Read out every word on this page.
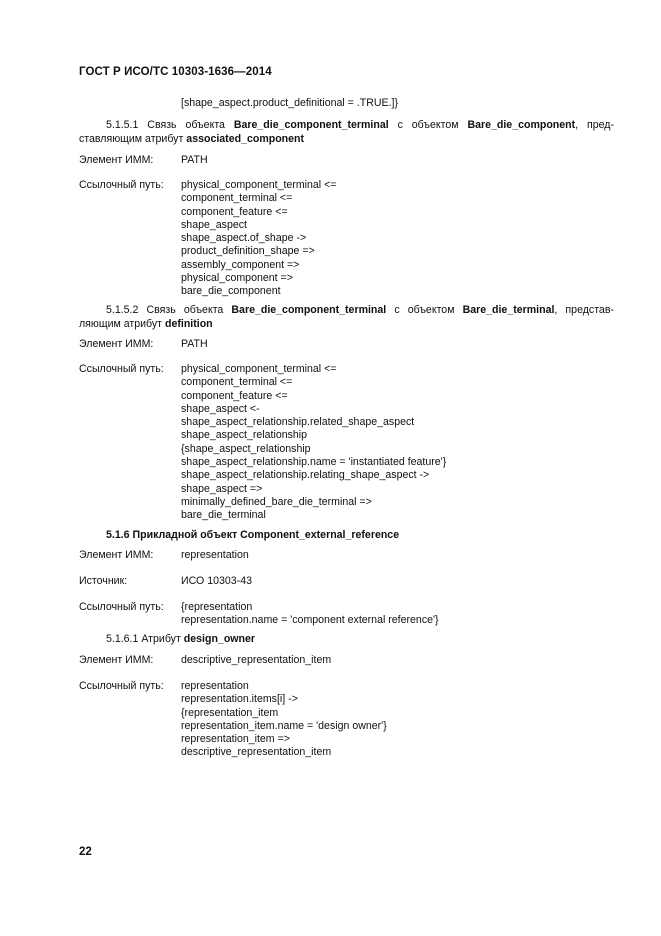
ГОСТ Р ИСО/ТС 10303-1636—2014
[shape_aspect.product_definitional = .TRUE.]}
5.1.5.1 Связь объекта Bare_die_component_terminal с объектом Bare_die_component, пред-
ставляющим атрибут associated_component
Элемент ИММ:	PATH
Ссылочный путь: physical_component_terminal <=
component_terminal <=
component_feature <=
shape_aspect
shape_aspect.of_shape ->
product_definition_shape =>
assembly_component =>
physical_component =>
bare_die_component
5.1.5.2 Связь объекта Bare_die_component_terminal с объектом Bare_die_terminal, представ-
ляющим атрибут definition
Элемент ИММ:	PATH
Ссылочный путь: physical_component_terminal <=
component_terminal <=
component_feature <=
shape_aspect <-
shape_aspect_relationship.related_shape_aspect
shape_aspect_relationship
{shape_aspect_relationship
shape_aspect_relationship.name = 'instantiated feature'}
shape_aspect_relationship.relating_shape_aspect ->
shape_aspect =>
minimally_defined_bare_die_terminal =>
bare_die_terminal
5.1.6 Прикладной объект Component_external_reference
Элемент ИММ:	representation
Источник:	ИСО 10303-43
Ссылочный путь: {representation
representation.name = 'component external reference'}
5.1.6.1 Атрибут design_owner
Элемент ИММ:	descriptive_representation_item
Ссылочный путь: representation
representation.items[i] ->
{representation_item
representation_item.name = 'design owner'}
representation_item =>
descriptive_representation_item
22
